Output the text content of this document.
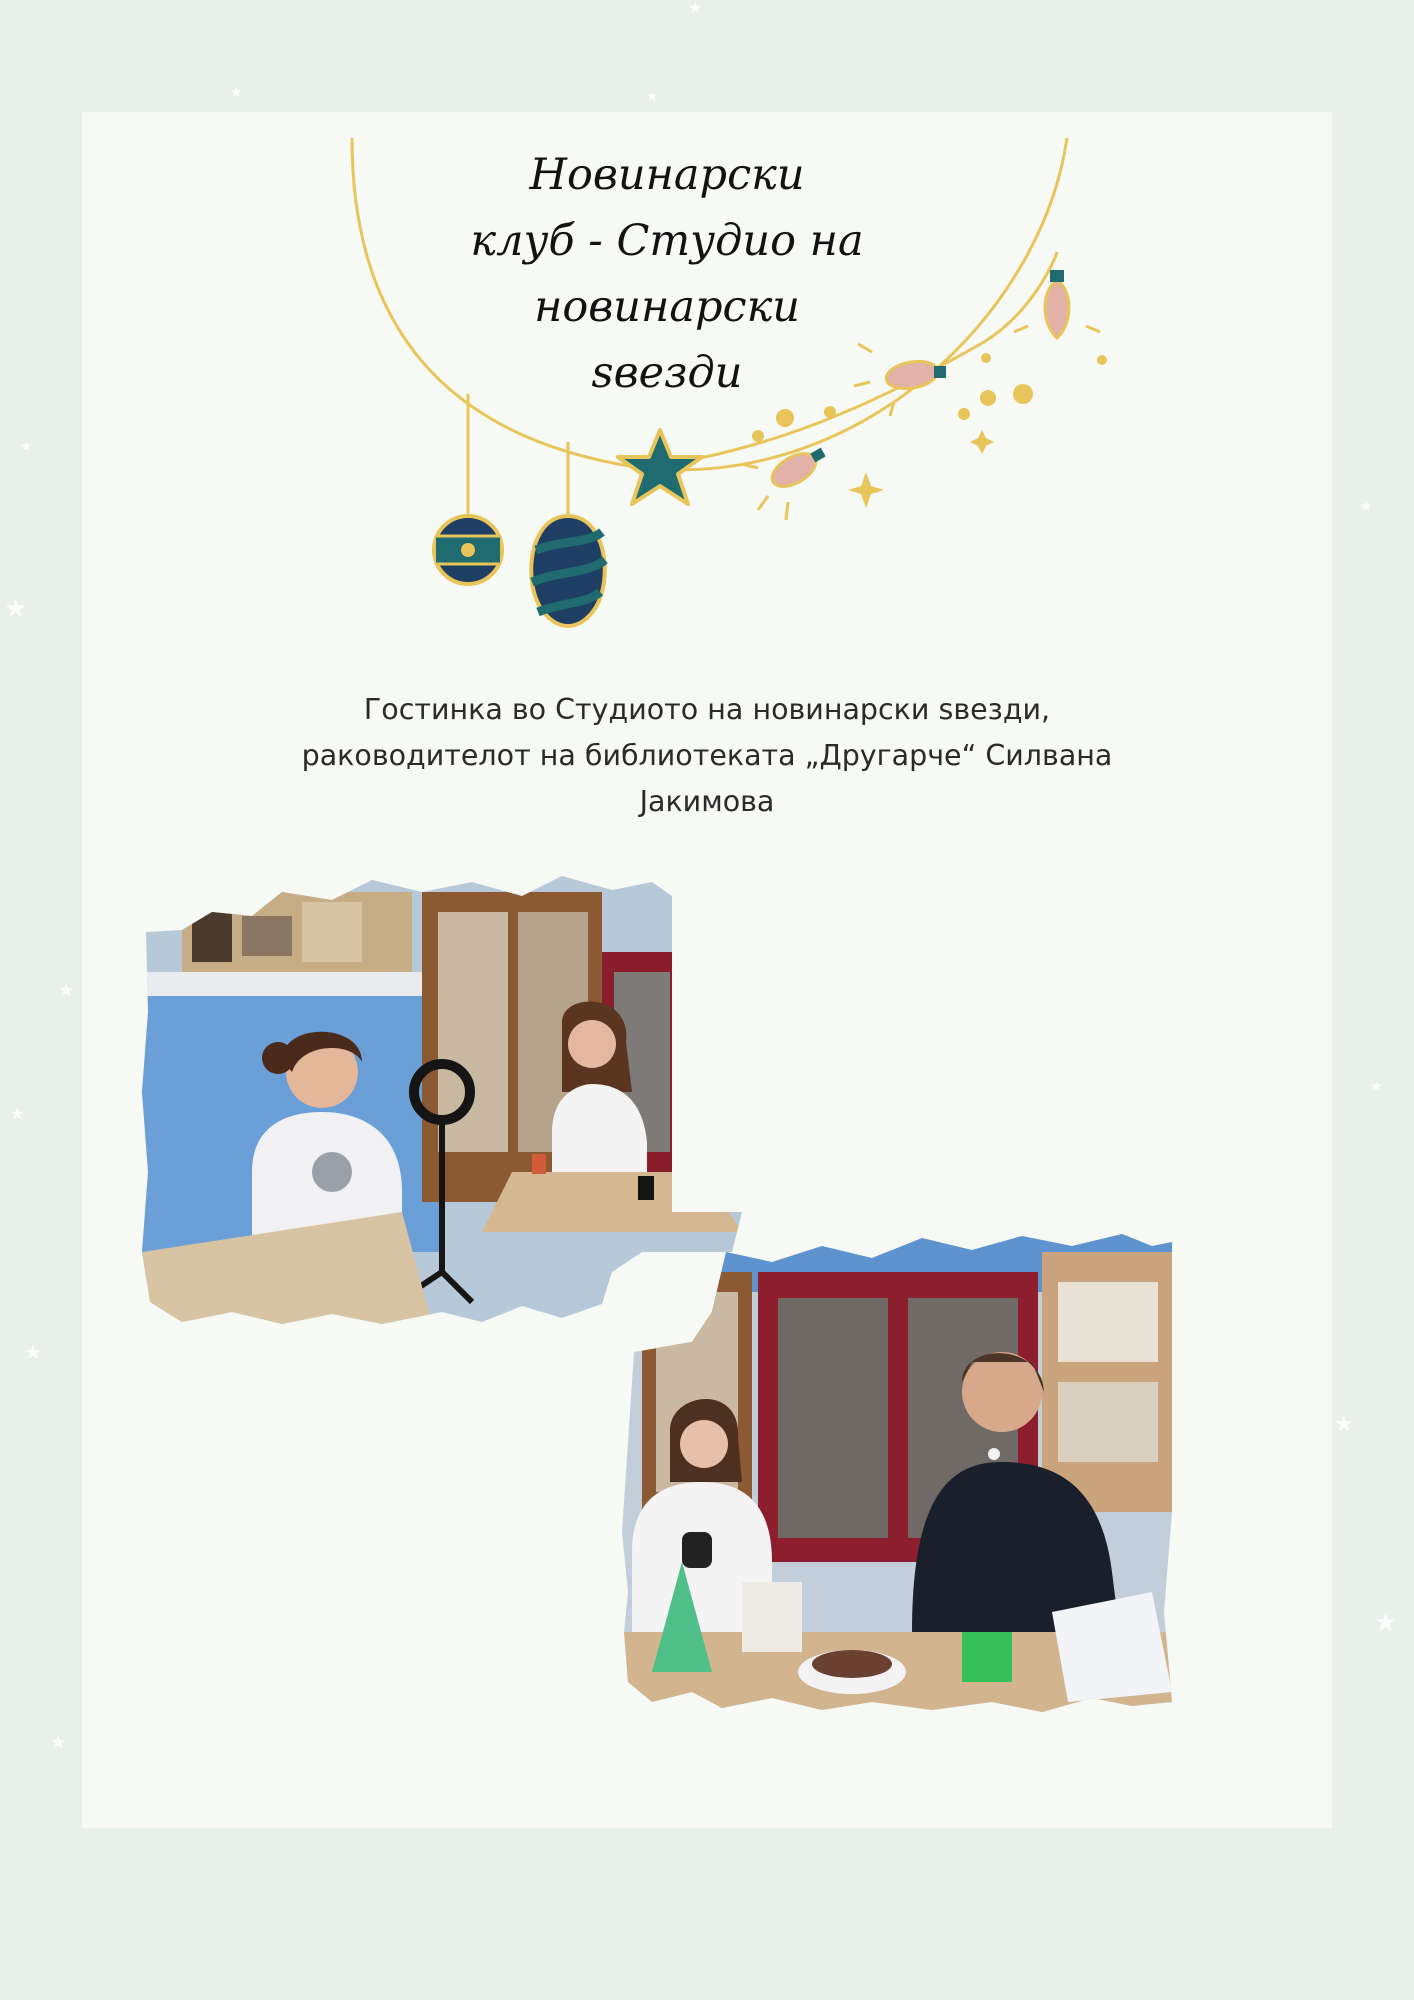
★
★	★
★
★
★
★
★
★
★
★
★
★
Новинарски
клуб - Студио на
новинарски
ѕвезди
Гостинка во Студиото на новинарски ѕвезди,
раководителот на библиотеката „Другарче“ Силвана
Јакимова
